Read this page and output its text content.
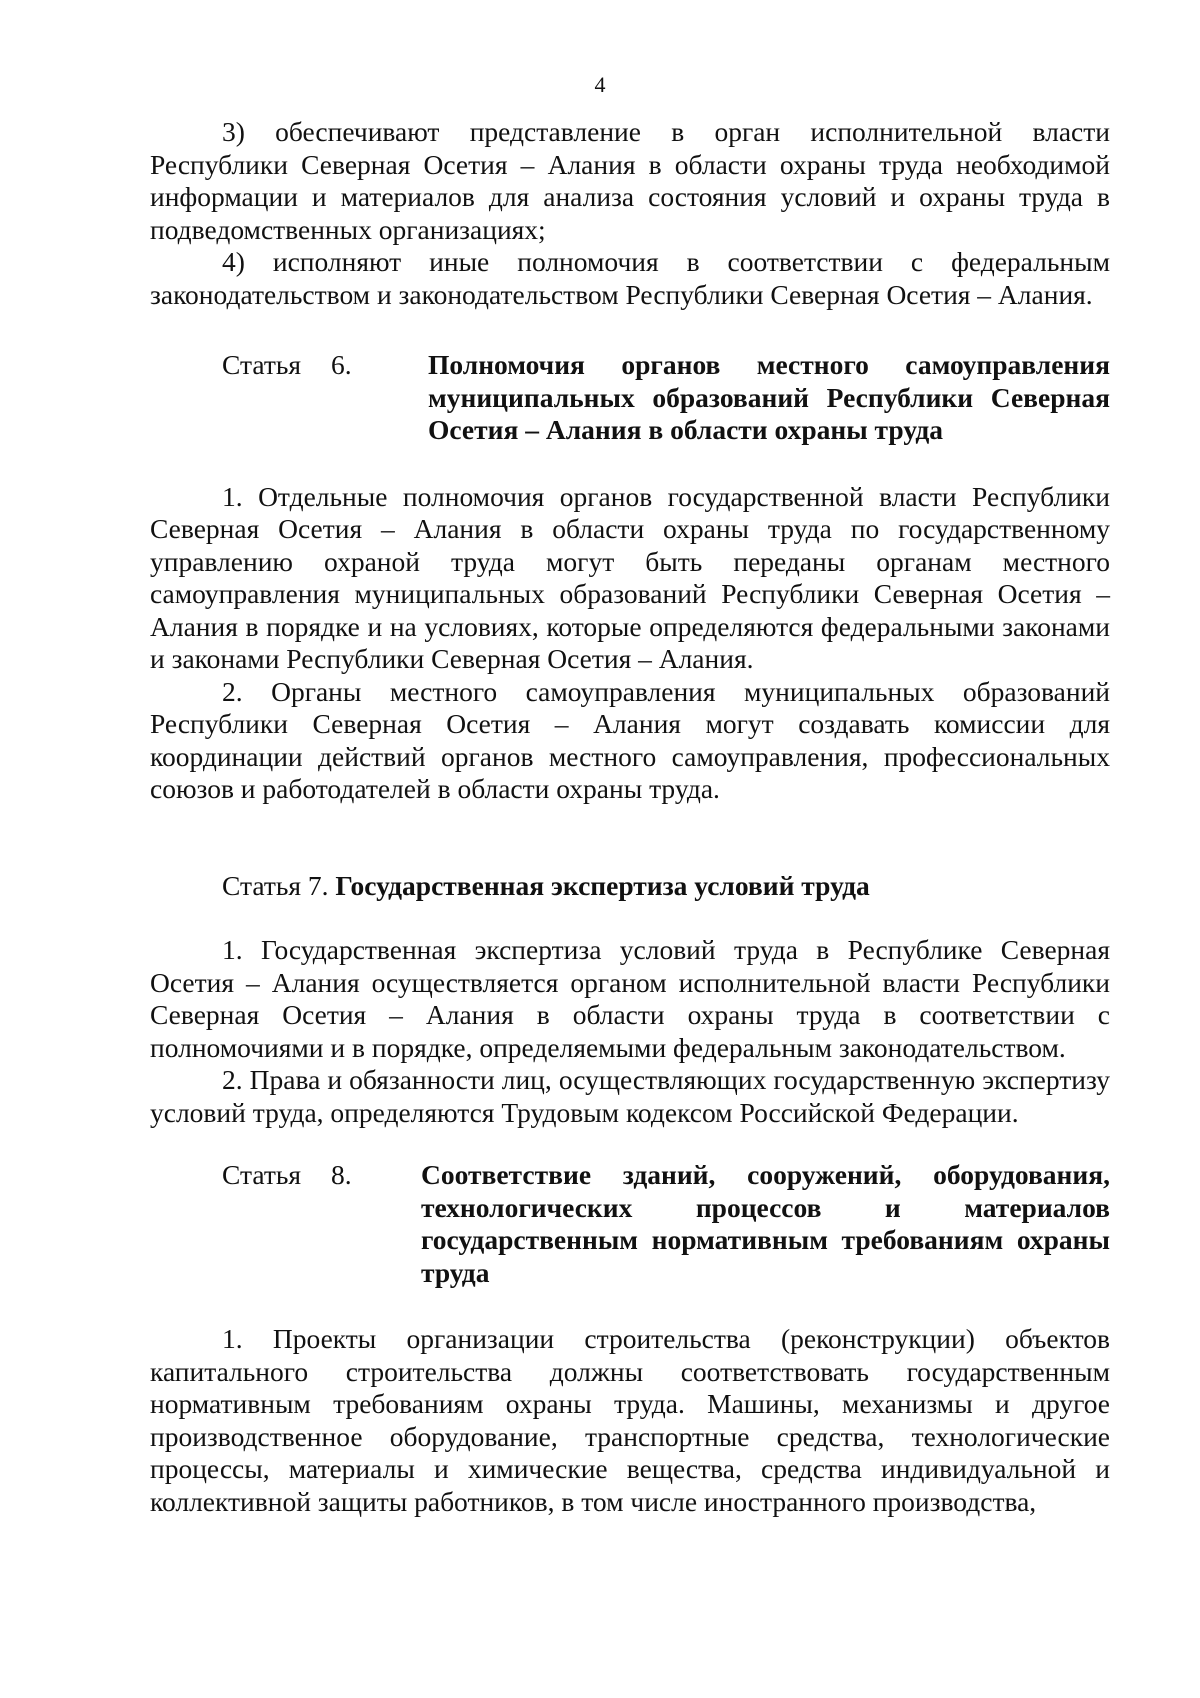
4

3) обеспечивают представление в орган исполнительной власти Республики Северная Осетия – Алания в области охраны труда необходимой информации и материалов для анализа состояния условий и охраны труда в подведомственных организациях;

4) исполняют иные полномочия в соответствии с федеральным законодательством и законодательством Республики Северная Осетия – Алания.

Статья 6.	Полномочия органов местного самоуправления муниципальных образований Республики Северная Осетия – Алания в области охраны труда

1. Отдельные полномочия органов государственной власти Республики Северная Осетия – Алания в области охраны труда по государственному управлению охраной труда могут быть переданы органам местного самоуправления муниципальных образований Республики Северная Осетия – Алания в порядке и на условиях, которые определяются федеральными законами и законами Республики Северная Осетия – Алания.

2. Органы местного самоуправления муниципальных образований Республики Северная Осетия – Алания могут создавать комиссии для координации действий органов местного самоуправления, профессиональных союзов и работодателей в области охраны труда.

Статья 7. Государственная экспертиза условий труда

1. Государственная экспертиза условий труда в Республике Северная Осетия – Алания осуществляется органом исполнительной власти Республики Северная Осетия – Алания в области охраны труда в соответствии с полномочиями и в порядке, определяемыми федеральным законодательством.

2. Права и обязанности лиц, осуществляющих государственную экспертизу условий труда, определяются Трудовым кодексом Российской Федерации.

Статья 8.	Соответствие зданий, сооружений, оборудования, технологических процессов и материалов государственным нормативным требованиям охраны труда

1. Проекты организации строительства (реконструкции) объектов капитального строительства должны соответствовать государственным нормативным требованиям охраны труда. Машины, механизмы и другое производственное оборудование, транспортные средства, технологические процессы, материалы и химические вещества, средства индивидуальной и коллективной защиты работников, в том числе иностранного производства,
